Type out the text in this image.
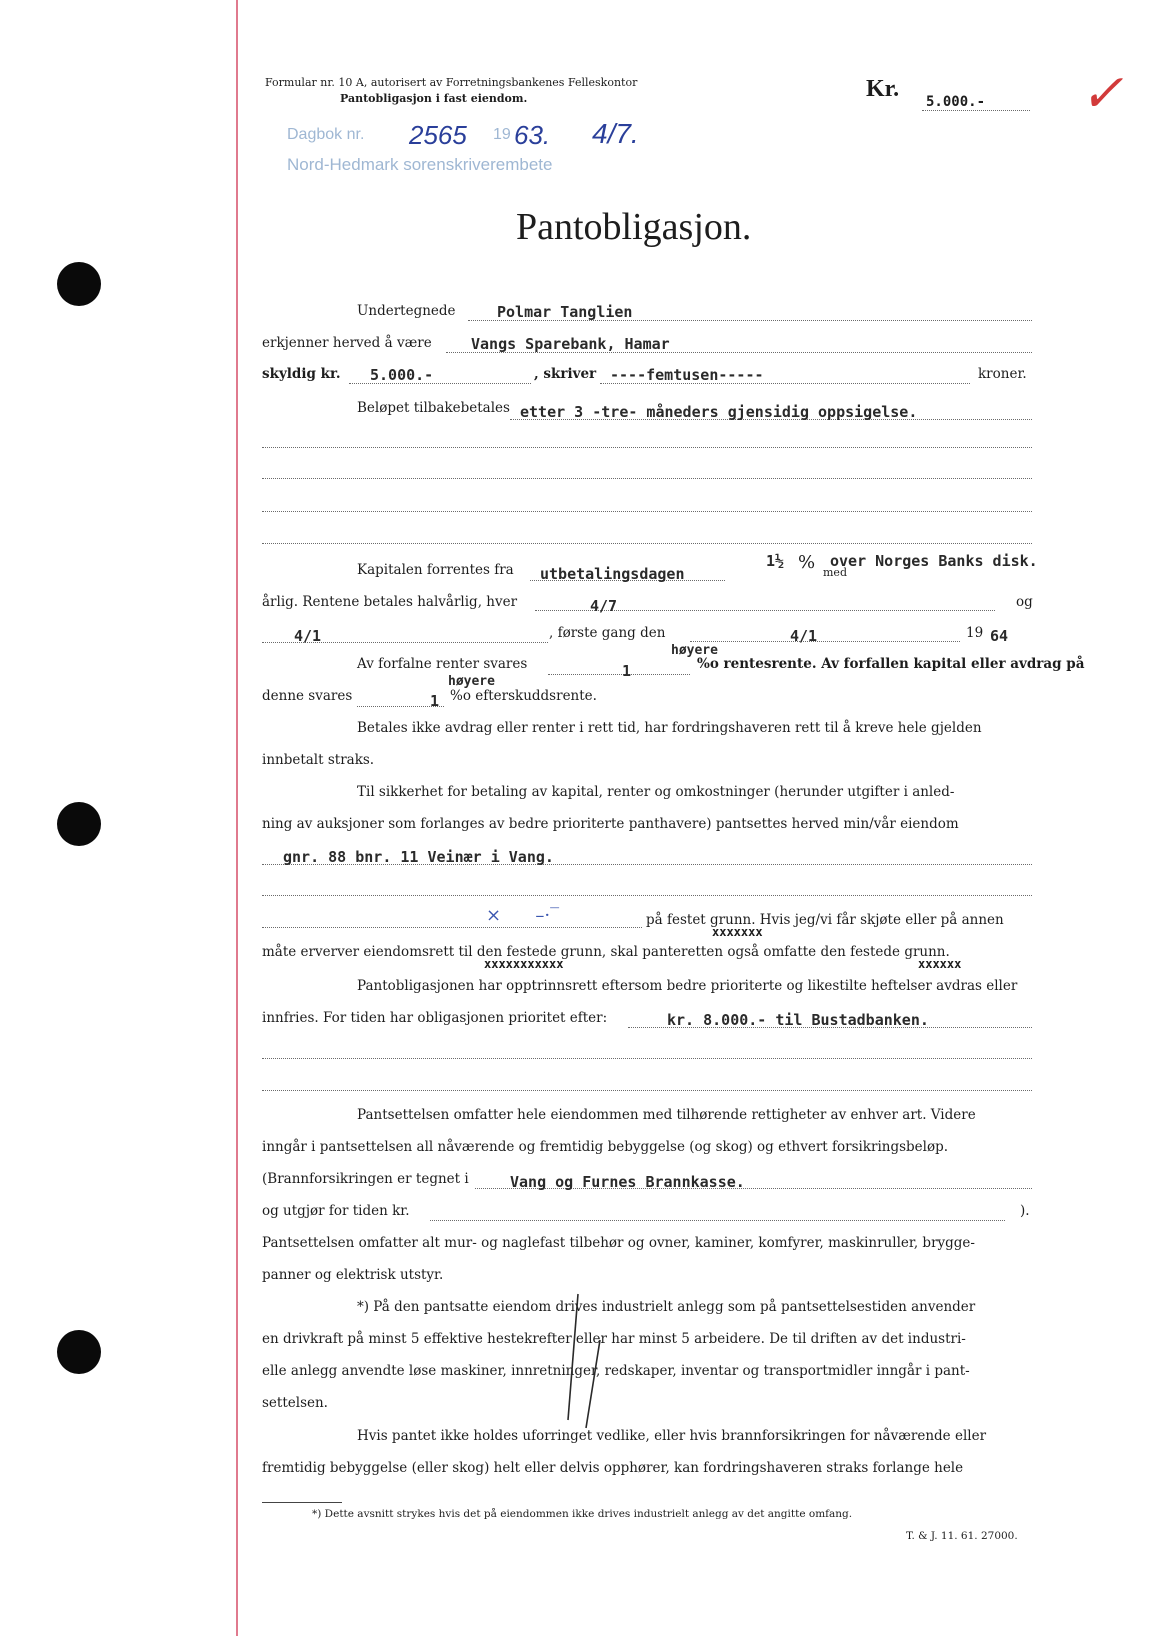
Formular nr. 10 A, autorisert av Forretningsbankenes Felleskontor
Pantobligasjon i fast eiendom.	Kr. 5.000.- ✓
Dagbok nr. 2565 19 63. 4/7.
Nord-Hedmark sorenskriverembete
Pantobligasjon.
Undertegnede	Polmar Tanglien
erkjenner herved å være	Vangs Sparebank, Hamar
skyldig kr. 5.000.-	, skriver ----femtusen-----	kroner.
Beløpet tilbakebetales etter 3 -tre- måneders gjensidig oppsigelse.
Kapitalen forrentes fra utbetalingsdagen
1½ % med
over Norges Banks disk.
årlig. Rentene betales halvårlig, hver	4/7	og
4/1	, første gang den	4/1	19 64
Av forfalne renter svares	1
høyere
%o rentesrente. Av forfallen kapital eller avdrag på
denne svares	1
høyere
%o efterskuddsrente.
Betales ikke avdrag eller renter i rett tid, har fordringshaveren rett til å kreve hele gjelden
innbetalt straks.
Til sikkerhet for betaling av kapital, renter og omkostninger (herunder utgifter i anled-
ning av auksjoner som forlanges av bedre prioriterte panthavere) pantsettes herved min/vår eiendom
gnr. 88 bnr. 11 Veinær i Vang.
×      –·‾	på festet grunn. Hvis jeg/vi får skjøte eller på annen
xxxxxxx
måte erverver eiendomsrett til den festede grunn, skal panteretten også omfatte den festede grunn.
xxxxxxxxxxx	xxxxxx
Pantobligasjonen har opptrinnsrett eftersom bedre prioriterte og likestilte heftelser avdras eller
innfries. For tiden har obligasjonen prioritet efter:	kr. 8.000.- til Bustadbanken.
Pantsettelsen omfatter hele eiendommen med tilhørende rettigheter av enhver art. Videre
inngår i pantsettelsen all nåværende og fremtidig bebyggelse (og skog) og ethvert forsikringsbeløp.
(Brannforsikringen er tegnet i	Vang og Furnes Brannkasse.
og utgjør for tiden kr.	).
Pantsettelsen omfatter alt mur- og naglefast tilbehør og ovner, kaminer, komfyrer, maskinruller, brygge-
panner og elektrisk utstyr.
*) På den pantsatte eiendom drives industrielt anlegg som på pantsettelsestiden anvender
en drivkraft på minst 5 effektive hestekrefter eller har minst 5 arbeidere. De til driften av det industri-
elle anlegg anvendte løse maskiner, innretninger, redskaper, inventar og transportmidler inngår i pant-
settelsen.
Hvis pantet ikke holdes uforringet vedlike, eller hvis brannforsikringen for nåværende eller
fremtidig bebyggelse (eller skog) helt eller delvis opphører, kan fordringshaveren straks forlange hele
*) Dette avsnitt strykes hvis det på eiendommen ikke drives industrielt anlegg av det angitte omfang.
T. & J. 11. 61. 27000.
